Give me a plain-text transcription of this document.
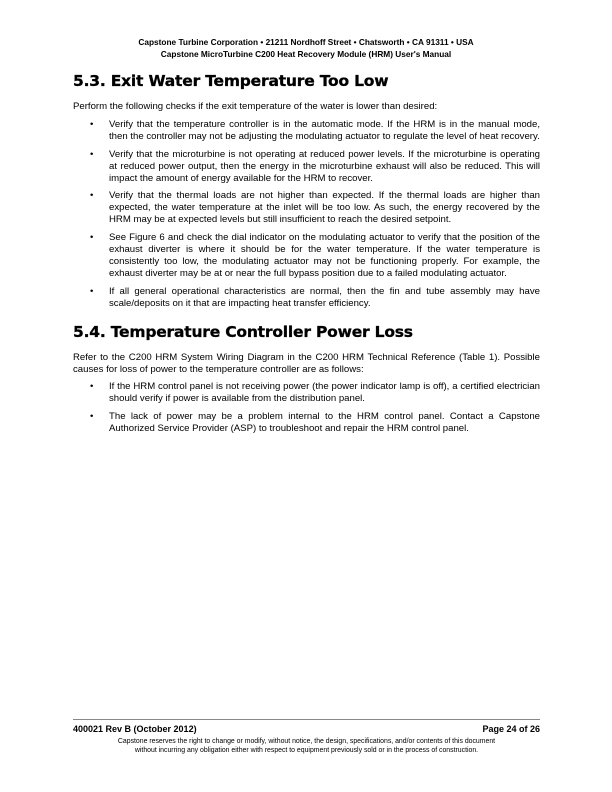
Capstone Turbine Corporation • 21211 Nordhoff Street • Chatsworth • CA 91311 • USA
Capstone MicroTurbine C200 Heat Recovery Module (HRM) User's Manual
5.3. Exit Water Temperature Too Low

Perform the following checks if the exit temperature of the water is lower than desired:

• Verify that the temperature controller is in the automatic mode. If the HRM is in the manual mode, then the controller may not be adjusting the modulating actuator to regulate the level of heat recovery.
• Verify that the microturbine is not operating at reduced power levels. If the microturbine is operating at reduced power output, then the energy in the microturbine exhaust will also be reduced. This will impact the amount of energy available for the HRM to recover.
• Verify that the thermal loads are not higher than expected. If the thermal loads are higher than expected, the water temperature at the inlet will be too low. As such, the energy recovered by the HRM may be at expected levels but still insufficient to reach the desired setpoint.
• See Figure 6 and check the dial indicator on the modulating actuator to verify that the position of the exhaust diverter is where it should be for the water temperature. If the water temperature is consistently too low, the modulating actuator may not be functioning properly. For example, the exhaust diverter may be at or near the full bypass position due to a failed modulating actuator.
• If all general operational characteristics are normal, then the fin and tube assembly may have scale/deposits on it that are impacting heat transfer efficiency.
5.4. Temperature Controller Power Loss

Refer to the C200 HRM System Wiring Diagram in the C200 HRM Technical Reference (Table 1). Possible causes for loss of power to the temperature controller are as follows:

• If the HRM control panel is not receiving power (the power indicator lamp is off), a certified electrician should verify if power is available from the distribution panel.
• The lack of power may be a problem internal to the HRM control panel. Contact a Capstone Authorized Service Provider (ASP) to troubleshoot and repair the HRM control panel.
400021 Rev B (October 2012)	Page 24 of 26
Capstone reserves the right to change or modify, without notice, the design, specifications, and/or contents of this document
without incurring any obligation either with respect to equipment previously sold or in the process of construction.
